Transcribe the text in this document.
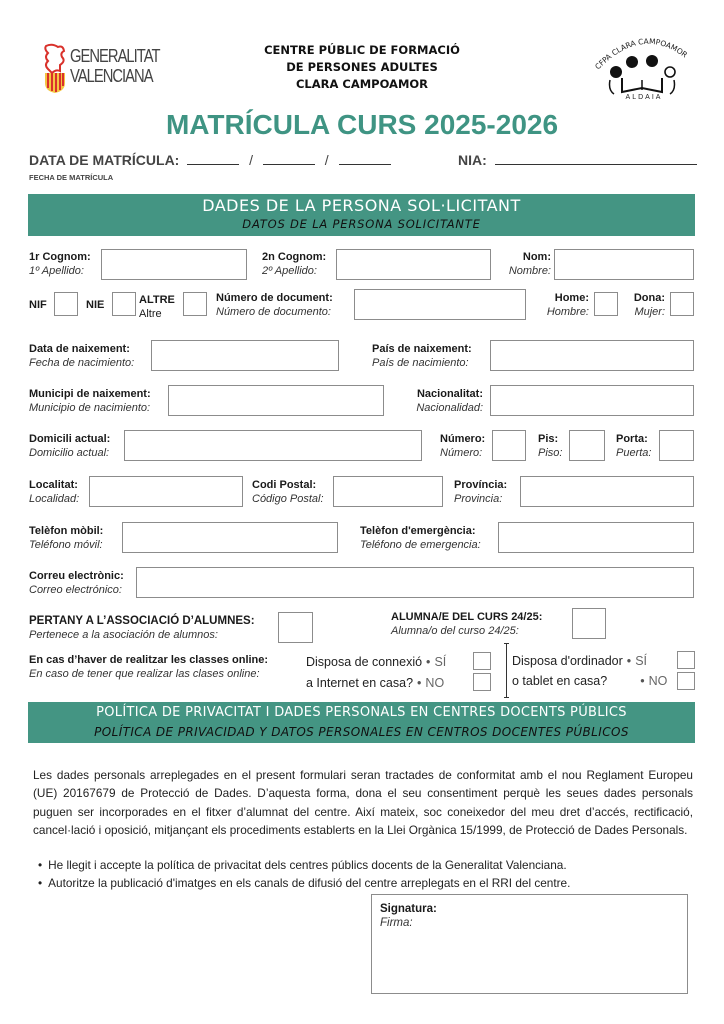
GENERALITAT
VALENCIANA
CENTRE PÚBLIC DE FORMACIÓ
DE PERSONES ADULTES
CLARA CAMPOAMOR
CFPA CLARA CAMPOAMOR
ALDAIA
MATRÍCULA CURS 2025-2026
DATA DE MATRÍCULA:	/	/
FECHA DE MATRÍCULA
NIA:
DADES DE LA PERSONA SOL·LICITANT
DATOS DE LA PERSONA SOLICITANTE
1r Cognom:
1º Apellido:
2n Cognom:
2º Apellido:
Nom:
Nombre:
NIF	NIE	ALTRE
Altre
Número de document:
Número de documento:
Home:
Hombre:
Dona:
Mujer:
Data de naixement:
Fecha de nacimiento:
País de naixement:
País de nacimiento:
Municipi de naixement:
Municipio de nacimiento:
Nacionalitat:
Nacionalidad:
Domicili actual:
Domicilio actual:
Número:
Número:
Pis:
Piso:
Porta:
Puerta:
Localitat:
Localidad:
Codi Postal:
Código Postal:
Província:
Provincia:
Telèfon mòbil:
Teléfono móvil:
Telèfon d'emergència:
Teléfono de emergencia:
Correu electrònic:
Correo electrónico:
PERTANY A L’ASSOCIACIÓ D’ALUMNES:
Pertenece a la asociación de alumnos:
ALUMNA/E DEL CURS 24/25:
Alumna/o del curso 24/25:
En cas d’haver de realitzar les classes online:
En caso de tener que realizar las clases online:
Disposa de connexió • SÍ
a Internet en casa? • NO
Disposa d'ordinador • SÍ
o tablet en casa?	• NO
POLÍTICA DE PRIVACITAT I DADES PERSONALS EN CENTRES DOCENTS PÚBLICS
POLÍTICA DE PRIVACIDAD Y DATOS PERSONALES EN CENTROS DOCENTES PÚBLICOS
Les dades personals arreplegades en el present formulari seran tractades de conformitat amb el nou Reglament Europeu (UE) 20167679 de Protecció de Dades. D’aquesta forma, dona el seu consentiment perquè les seues dades personals puguen ser incorporades en el fitxer d’alumnat del centre. Així mateix, soc coneixedor del meu dret d’accés, rectificació, cancel·lació i oposició, mitjançant els procediments establerts en la Llei Orgànica 15/1999, de Protecció de Dades Personals.
• He llegit i accepte la política de privacitat dels centres públics docents de la Generalitat Valenciana.
• Autoritze la publicació d'imatges en els canals de difusió del centre arreplegats en el RRI del centre.
Signatura:
Firma:
